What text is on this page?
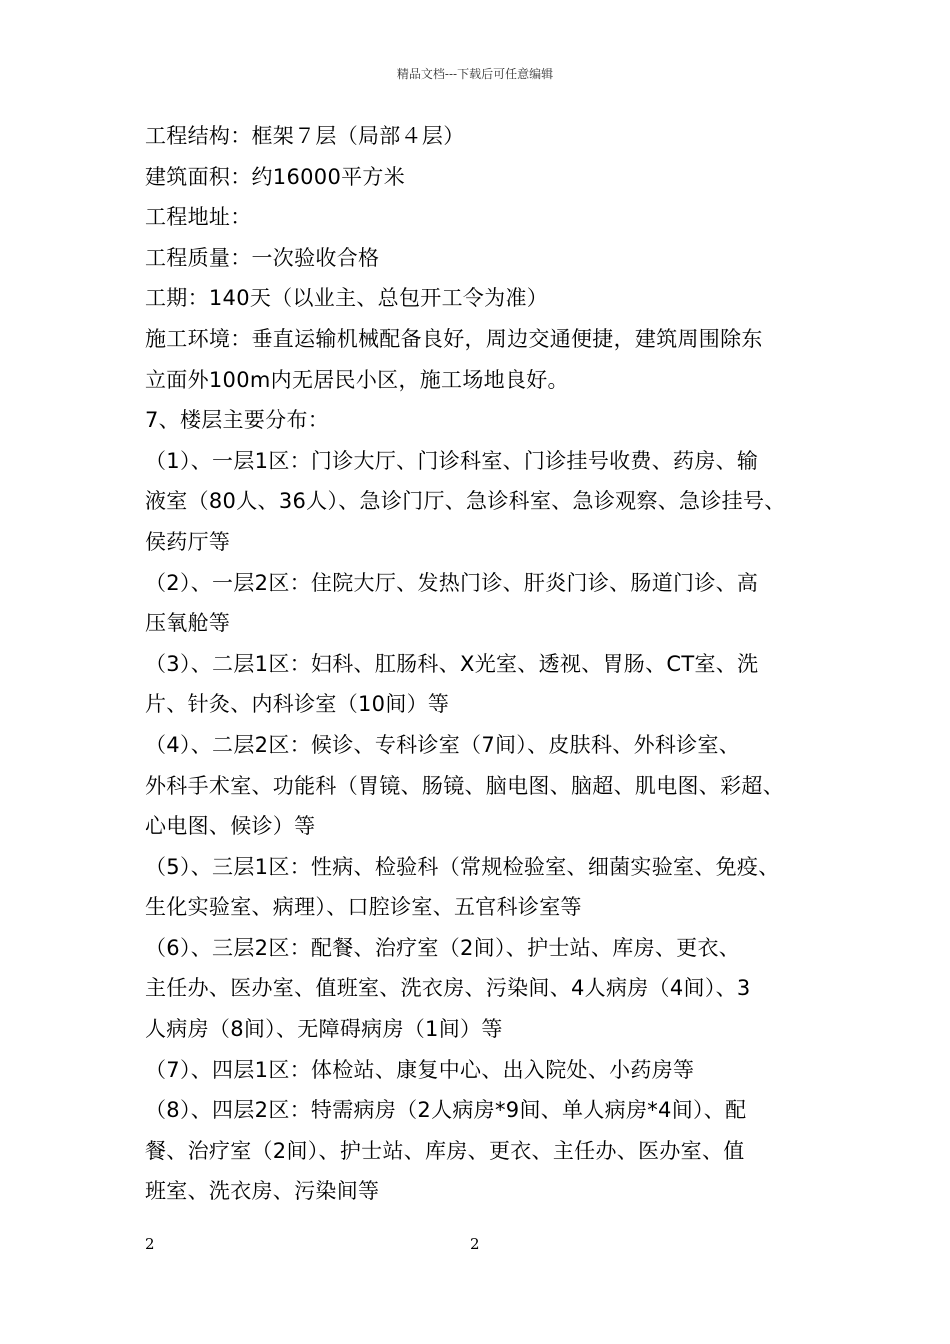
精品文档---下载后可任意编辑
工程结构：框架７层（局部４层）
建筑面积：约16000平方米
工程地址：
工程质量：一次验收合格
工期：140天（以业主、总包开工令为准）
施工环境：垂直运输机械配备良好，周边交通便捷，建筑周围除东
立面外100m内无居民小区，施工场地良好。
7、楼层主要分布：
（1）、一层1区：门诊大厅、门诊科室、门诊挂号收费、药房、输
液室（80人、36人）、急诊门厅、急诊科室、急诊观察、急诊挂号、
侯药厅等
（2）、一层2区：住院大厅、发热门诊、肝炎门诊、肠道门诊、高
压氧舱等
（3）、二层1区：妇科、肛肠科、X光室、透视、胃肠、CT室、洗
片、针灸、内科诊室（10间）等
（4）、二层2区：候诊、专科诊室（7间）、皮肤科、外科诊室、
外科手术室、功能科（胃镜、肠镜、脑电图、脑超、肌电图、彩超、
心电图、候诊）等
（5）、三层1区：性病、检验科（常规检验室、细菌实验室、免疫、
生化实验室、病理）、口腔诊室、五官科诊室等
（6）、三层2区：配餐、治疗室（2间）、护士站、库房、更衣、
主任办、医办室、值班室、洗衣房、污染间、4人病房（4间）、3
人病房（8间）、无障碍病房（1间）等
（7）、四层1区：体检站、康复中心、出入院处、小药房等
（8）、四层2区：特需病房（2人病房*9间、单人病房*4间）、配
餐、治疗室（2间）、护士站、库房、更衣、主任办、医办室、值
班室、洗衣房、污染间等
2	2
